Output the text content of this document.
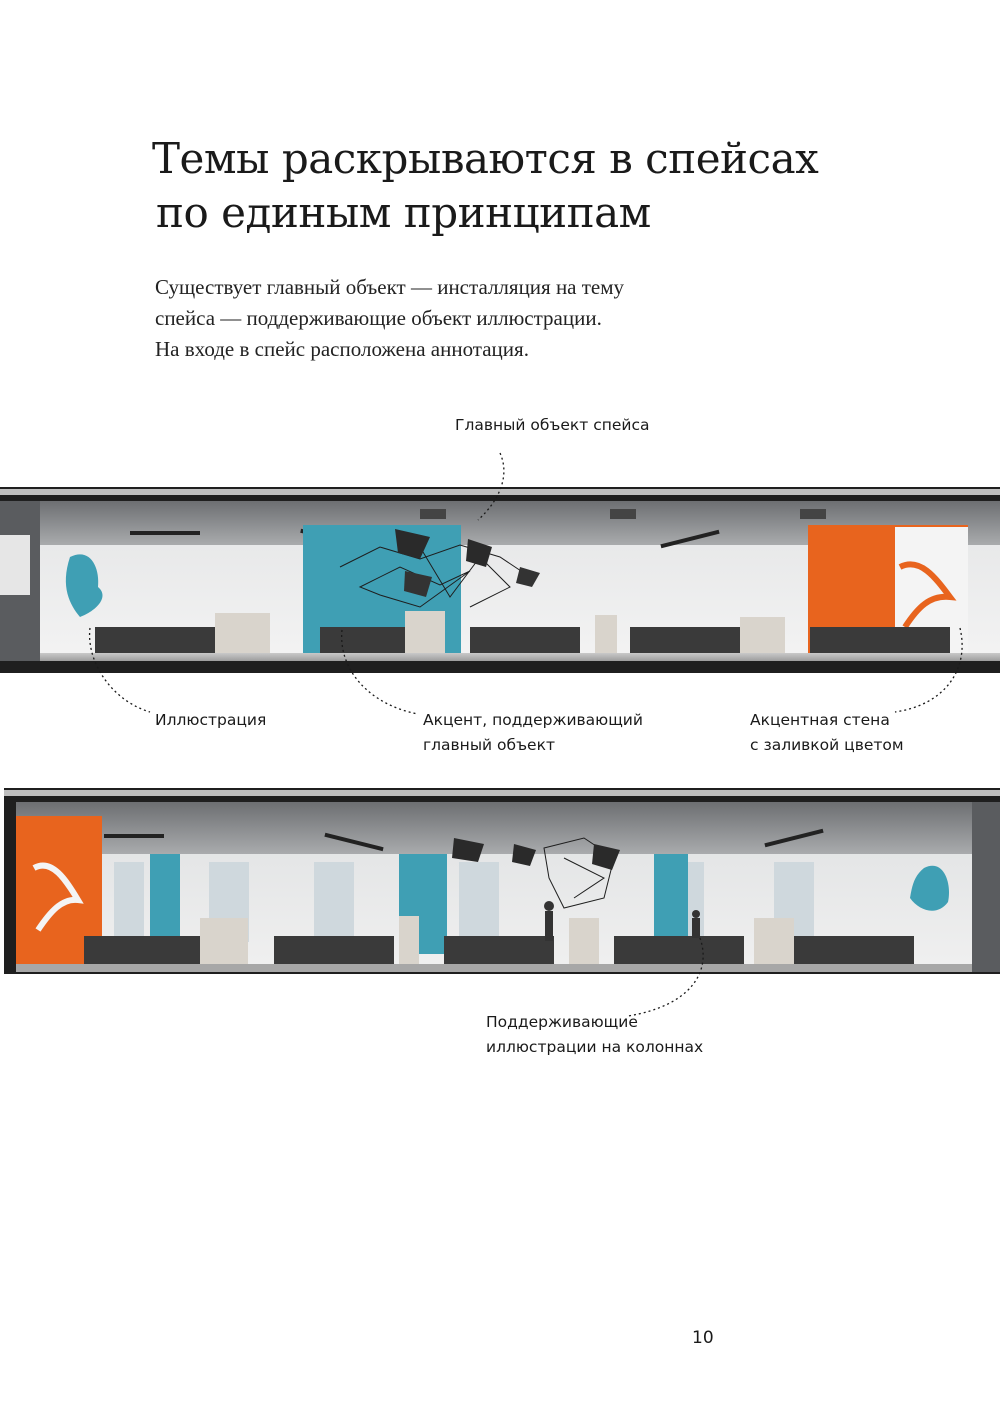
Темы раскрываются в спейсах
по единым принципам
Существует главный объект — инсталляция на тему
спейса — поддерживающие объект иллюстрации.
На входе в спейс расположена аннотация.
Главный объект спейса
Иллюстрация	Акцент, поддерживающий
главный объект
Акцентная стена
с заливкой цветом
Поддерживающие
иллюстрации на колоннах
10
